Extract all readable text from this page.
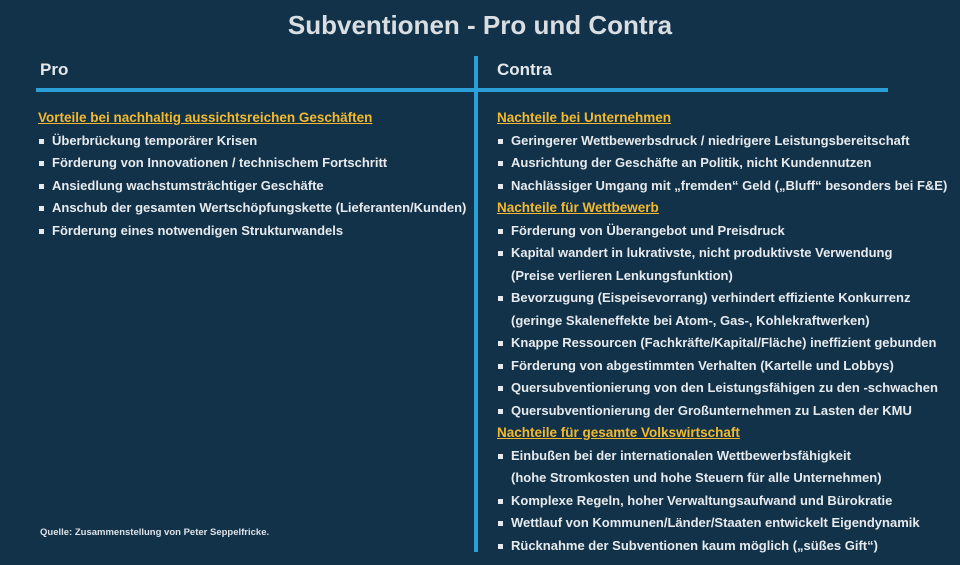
Subventionen - Pro und Contra
Pro	Contra
Vorteile bei nachhaltig aussichtsreichen Geschäften
Überbrückung temporärer Krisen
Förderung von Innovationen / technischem Fortschritt
Ansiedlung wachstumsträchtiger Geschäfte
Anschub der gesamten Wertschöpfungskette (Lieferanten/Kunden)
Förderung eines notwendigen Strukturwandels
Nachteile bei Unternehmen
Geringerer Wettbewerbsdruck / niedrigere Leistungsbereitschaft
Ausrichtung der Geschäfte an Politik, nicht Kundennutzen
Nachlässiger Umgang mit „fremden“ Geld („Bluff“ besonders bei F&E)
Nachteile für Wettbewerb
Förderung von Überangebot und Preisdruck
Kapital wandert in lukrativste, nicht produktivste Verwendung
(Preise verlieren Lenkungsfunktion)
Bevorzugung (Eispeisevorrang) verhindert effiziente Konkurrenz
(geringe Skaleneffekte bei Atom-, Gas-, Kohlekraftwerken)
Knappe Ressourcen (Fachkräfte/Kapital/Fläche) ineffizient gebunden
Förderung von abgestimmten Verhalten (Kartelle und Lobbys)
Quersubventionierung von den Leistungsfähigen zu den -schwachen
Quersubventionierung der Großunternehmen zu Lasten der KMU
Nachteile für gesamte Volkswirtschaft
Einbußen bei der internationalen Wettbewerbsfähigkeit
(hohe Stromkosten und hohe Steuern für alle Unternehmen)
Komplexe Regeln, hoher Verwaltungsaufwand und Bürokratie
Wettlauf von Kommunen/Länder/Staaten entwickelt Eigendynamik
Rücknahme der Subventionen kaum möglich („süßes Gift“)
Quelle: Zusammenstellung von Peter Seppelfricke.
